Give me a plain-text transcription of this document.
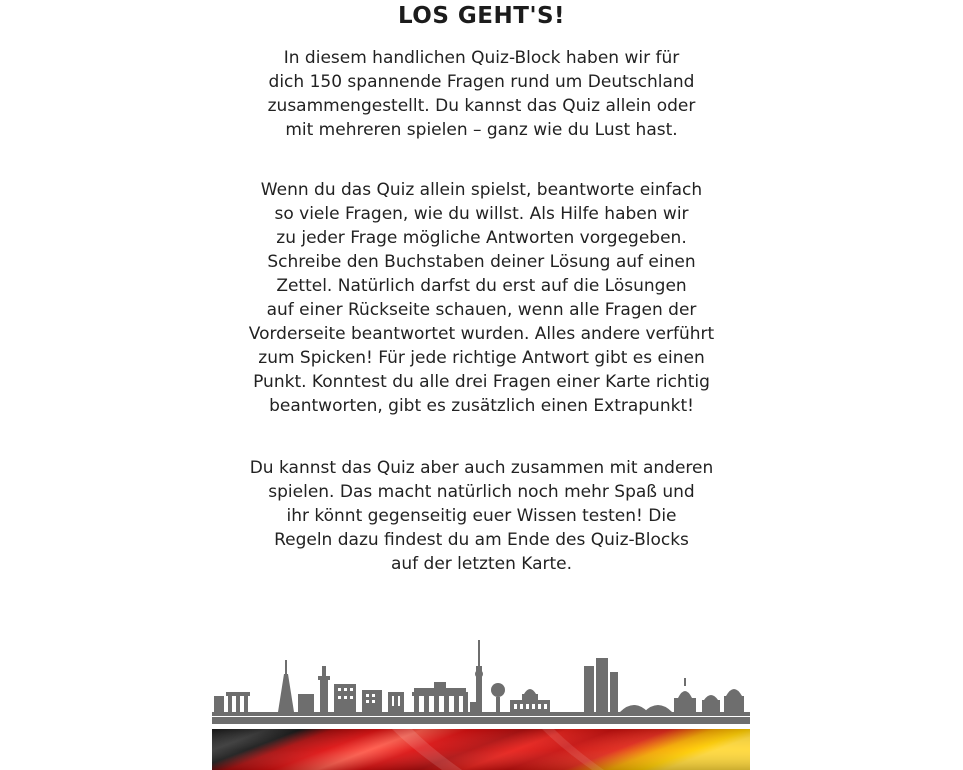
LOS GEHT'S!
In diesem handlichen Quiz-Block haben wir für
dich 150 spannende Fragen rund um Deutschland
zusammengestellt. Du kannst das Quiz allein oder
mit mehreren spielen – ganz wie du Lust hast.
Wenn du das Quiz allein spielst, beantworte einfach
so viele Fragen, wie du willst. Als Hilfe haben wir
zu jeder Frage mögliche Antworten vorgegeben.
Schreibe den Buchstaben deiner Lösung auf einen
Zettel. Natürlich darfst du erst auf die Lösungen
auf einer Rückseite schauen, wenn alle Fragen der
Vorderseite beantwortet wurden. Alles andere verführt
zum Spicken! Für jede richtige Antwort gibt es einen
Punkt. Konntest du alle drei Fragen einer Karte richtig
beantworten, gibt es zusätzlich einen Extrapunkt!
Du kannst das Quiz aber auch zusammen mit anderen
spielen. Das macht natürlich noch mehr Spaß und
ihr könnt gegenseitig euer Wissen testen! Die
Regeln dazu findest du am Ende des Quiz-Blocks
auf der letzten Karte.
